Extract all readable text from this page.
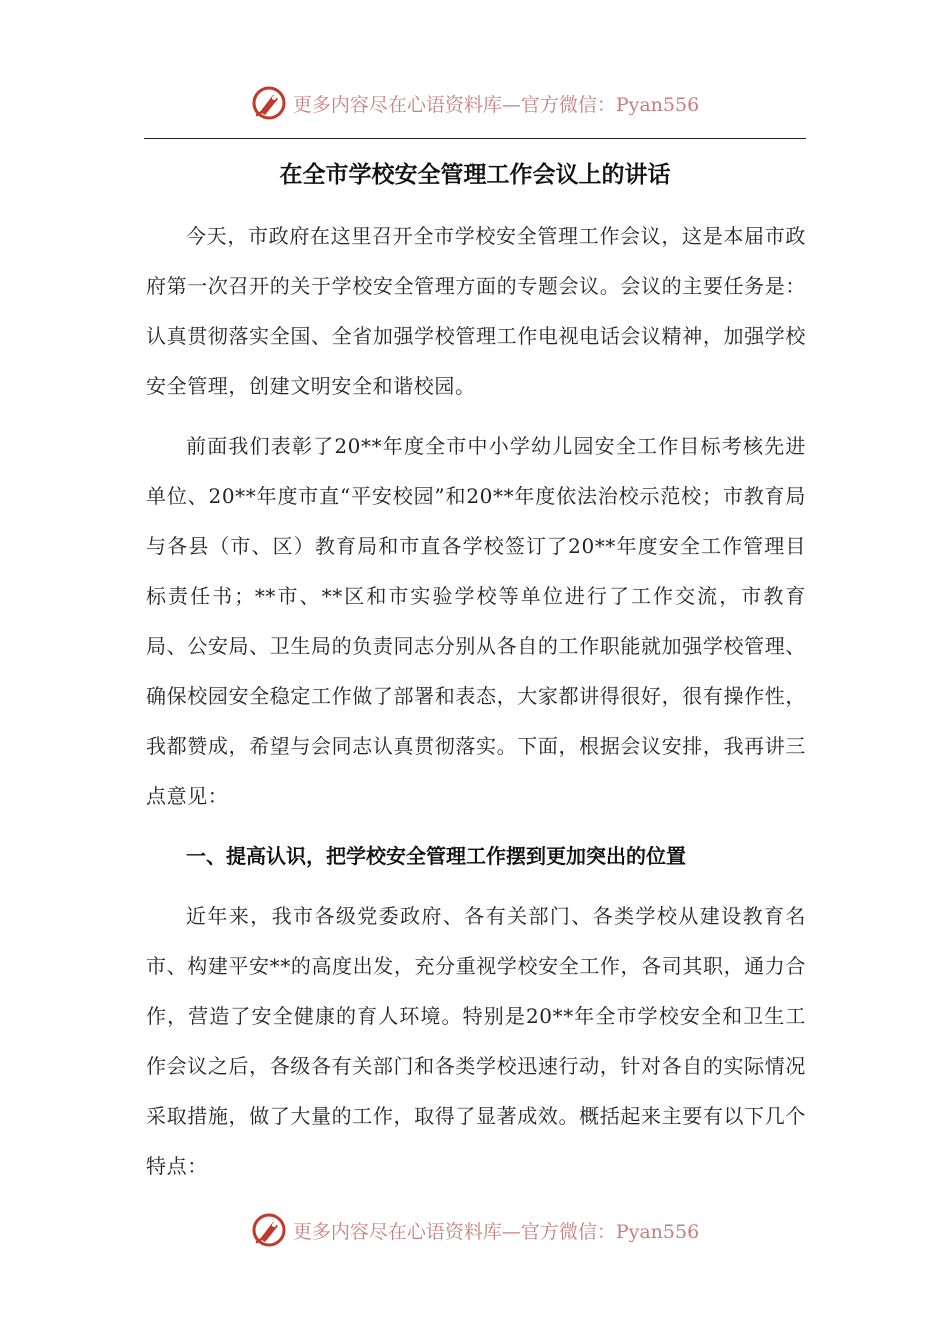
更多内容尽在心语资料库—官方微信：Pyan556
在全市学校安全管理工作会议上的讲话

今天，市政府在这里召开全市学校安全管理工作会议，这是本届市政府第一次召开的关于学校安全管理方面的专题会议。会议的主要任务是：认真贯彻落实全国、全省加强学校管理工作电视电话会议精神，加强学校安全管理，创建文明安全和谐校园。

前面我们表彰了20**年度全市中小学幼儿园安全工作目标考核先进单位、20**年度市直“平安校园”和20**年度依法治校示范校；市教育局与各县（市、区）教育局和市直各学校签订了20**年度安全工作管理目标责任书；**市、**区和市实验学校等单位进行了工作交流，市教育局、公安局、卫生局的负责同志分别从各自的工作职能就加强学校管理、确保校园安全稳定工作做了部署和表态，大家都讲得很好，很有操作性，我都赞成，希望与会同志认真贯彻落实。下面，根据会议安排，我再讲三点意见：

一、提高认识，把学校安全管理工作摆到更加突出的位置

近年来，我市各级党委政府、各有关部门、各类学校从建设教育名市、构建平安**的高度出发，充分重视学校安全工作，各司其职，通力合作，营造了安全健康的育人环境。特别是20**年全市学校安全和卫生工作会议之后，各级各有关部门和各类学校迅速行动，针对各自的实际情况采取措施，做了大量的工作，取得了显著成效。概括起来主要有以下几个特点：

更多内容尽在心语资料库—官方微信：Pyan556
